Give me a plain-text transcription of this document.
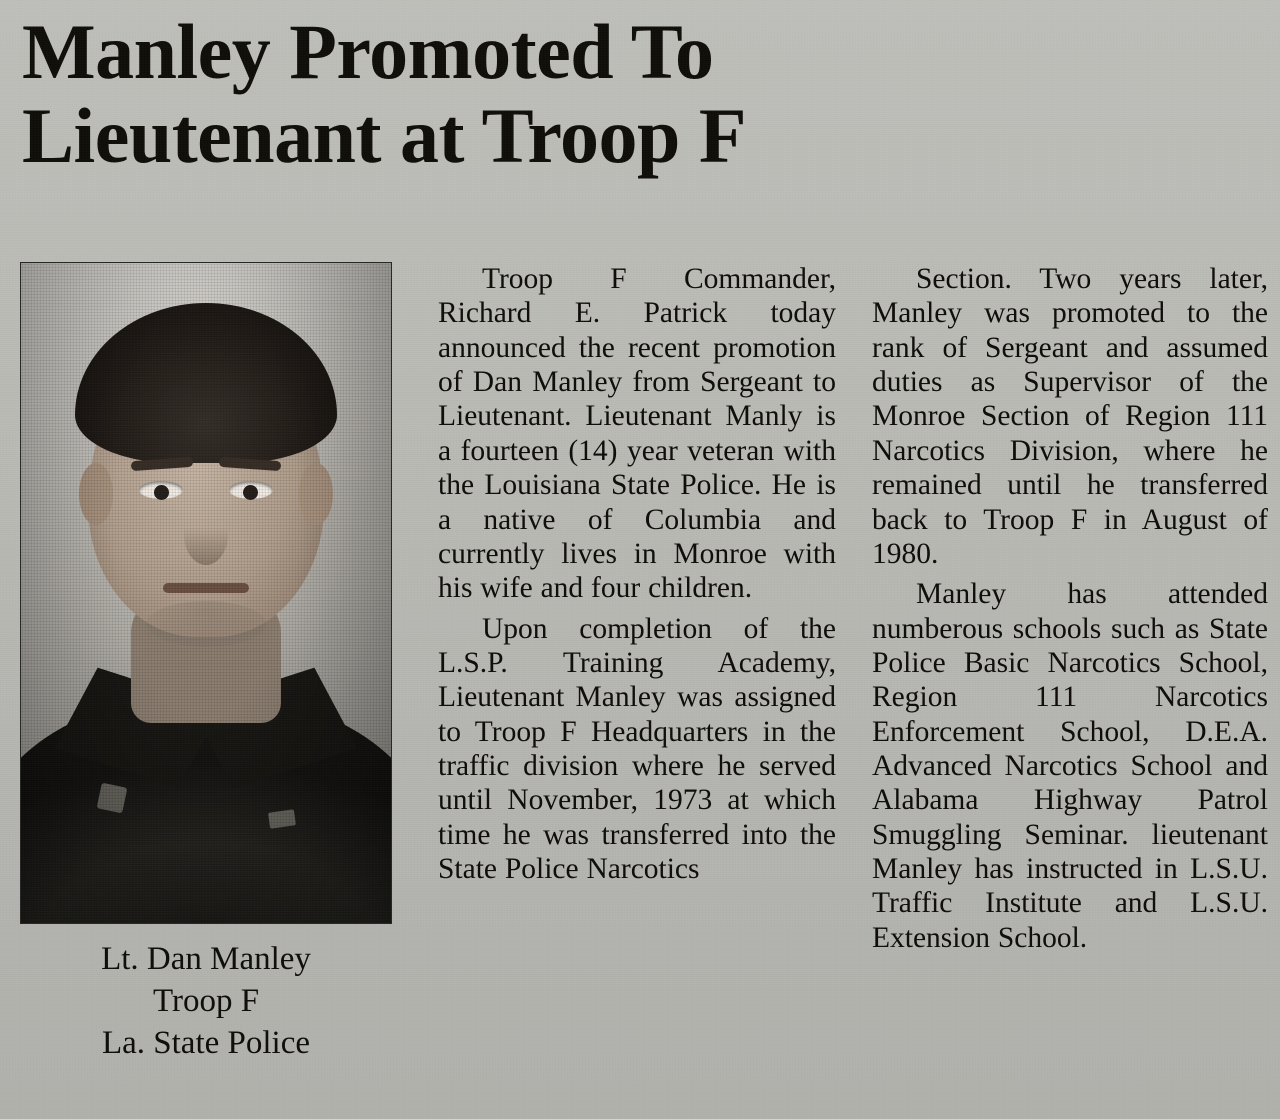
Manley Promoted To
Lieutenant at Troop F
Lt. Dan Manley
Troop F
La. State Police

Troop F Commander, Richard E. Patrick today announced the recent promotion of Dan Manley from Sergeant to Lieutenant. Lieutenant Manly is a fourteen (14) year veteran with the Louisiana State Police. He is a native of Columbia and currently lives in Monroe with his wife and four children.

Upon completion of the L.S.P. Training Academy, Lieutenant Manley was assigned to Troop F Headquarters in the traffic division where he served until November, 1973 at which time he was transferred into the State Police Narcotics

Section. Two years later, Manley was promoted to the rank of Sergeant and assumed duties as Supervisor of the Monroe Section of Region 111 Narcotics Division, where he remained until he transferred back to Troop F in August of 1980.

Manley has attended numberous schools such as State Police Basic Narcotics School, Region 111 Narcotics Enforcement School, D.E.A. Advanced Narcotics School and Alabama Highway Patrol Smuggling Seminar. lieutenant Manley has instructed in L.S.U. Traffic Institute and L.S.U. Extension School.
